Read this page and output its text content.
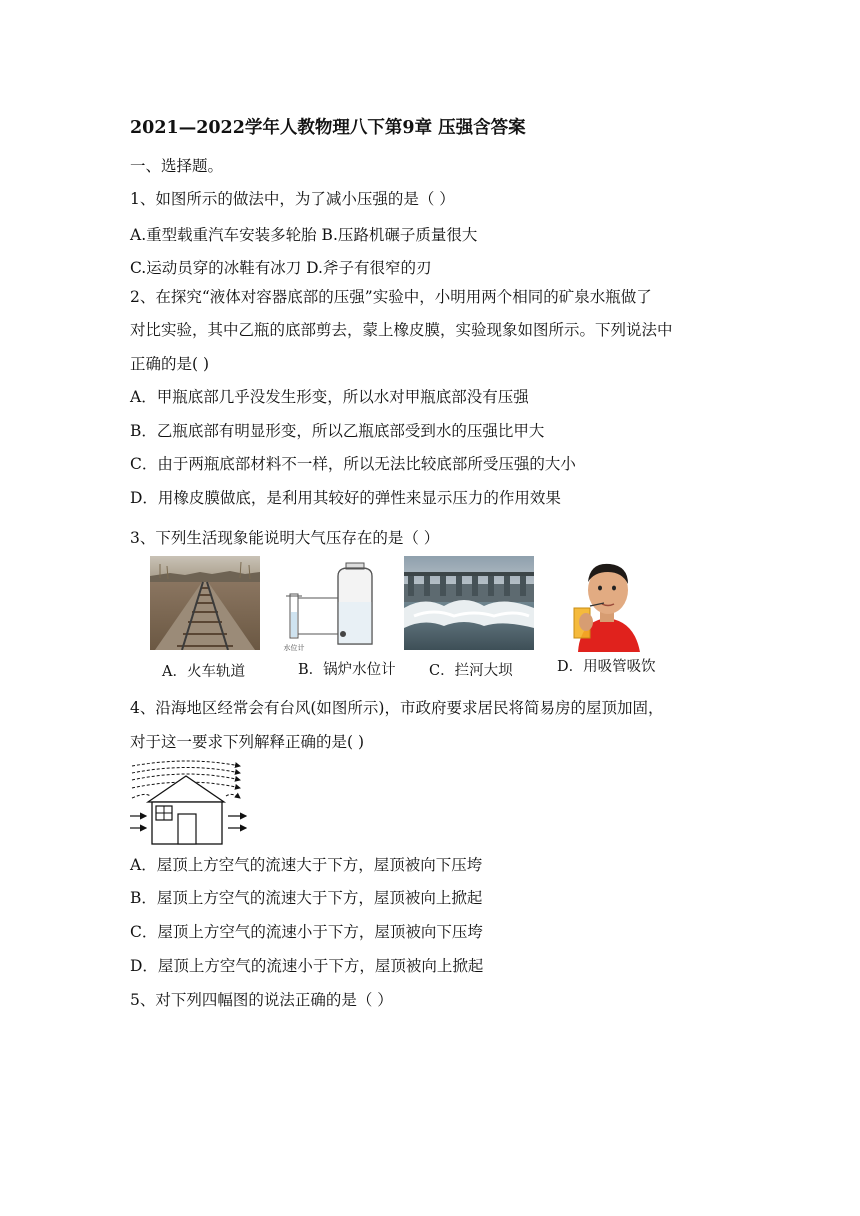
2021—2022学年人教物理八下第9章 压强含答案
一、选择题。
1、如图所示的做法中，为了减小压强的是（ ）
A.重型载重汽车安装多轮胎 B.压路机碾子质量很大
C.运动员穿的冰鞋有冰刀 D.斧子有很窄的刃
2、在探究“液体对容器底部的压强”实验中，小明用两个相同的矿泉水瓶做了
对比实验，其中乙瓶的底部剪去，蒙上橡皮膜，实验现象如图所示。下列说法中
正确的是( )
A．甲瓶底部几乎没发生形变，所以水对甲瓶底部没有压强
B．乙瓶底部有明显形变，所以乙瓶底部受到水的压强比甲大
C．由于两瓶底部材料不一样，所以无法比较底部所受压强的大小
D．用橡皮膜做底，是利用其较好的弹性来显示压力的作用效果
3、下列生活现象能说明大气压存在的是（ ）
水位计
A．火车轨道	B．锅炉水位计 C．拦河大坝	D．用吸管吸饮
4、沿海地区经常会有台风(如图所示)，市政府要求居民将简易房的屋顶加固，
对于这一要求下列解释正确的是( )
A．屋顶上方空气的流速大于下方，屋顶被向下压垮
B．屋顶上方空气的流速大于下方，屋顶被向上掀起
C．屋顶上方空气的流速小于下方，屋顶被向下压垮
D．屋顶上方空气的流速小于下方，屋顶被向上掀起
5、对下列四幅图的说法正确的是（ ）
